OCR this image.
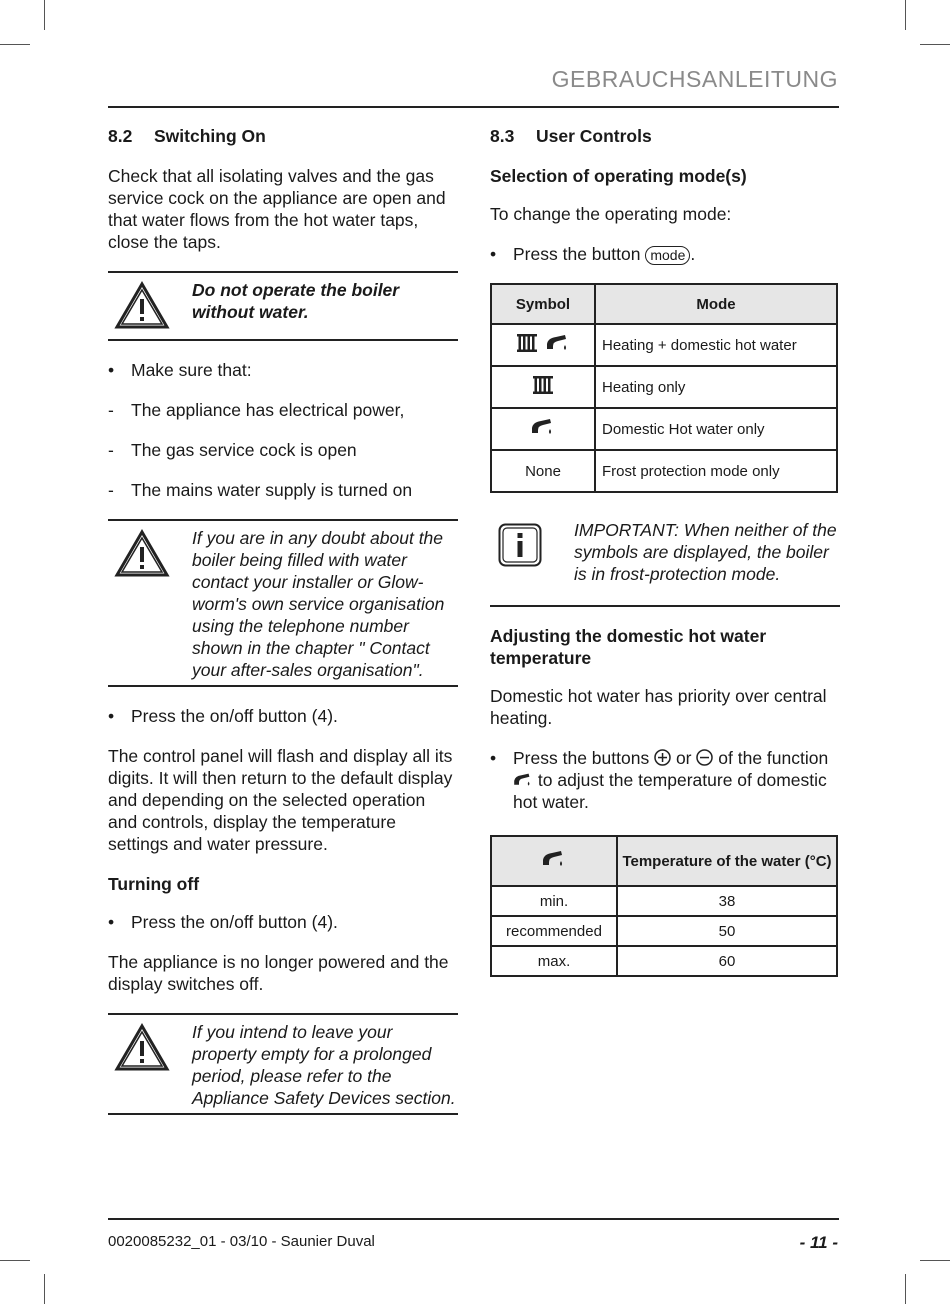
GEBRAUCHSANLEITUNG
8.2 Switching On

Check that all isolating valves and the gas service cock on the appliance are open and that water flows from the hot water taps, close the taps.

Do not operate the boiler without water.
• Make sure that:
- The appliance has electrical power,
- The gas service cock is open
- The mains water supply is turned on
If you are in any doubt about the boiler being filled with water contact your installer or Glow-worm's own service organisation using the telephone number shown in the chapter " Contact your after-sales organisation".
• Press the on/off button (4).

The control panel will flash and display all its digits. It will then return to the default display and depending on the selected operation and controls, display the temperature settings and water pressure.

Turning off
• Press the on/off button (4).

The appliance is no longer powered and the display switches off.

If you intend to leave your property empty for a prolonged period, please refer to the Appliance Safety Devices section.
8.3 User Controls
Selection of operating mode(s)

To change the operating mode:

• Press the button mode .
Symbol	Mode
	Heating + domestic hot water
	Heating only
	Domestic Hot water only
None	Frost protection mode only
IMPORTANT: When neither of the symbols are displayed, the boiler is in frost-protection mode.
Adjusting the domestic hot water temperature

Domestic hot water has priority over central heating.

• Press the buttons or of the function  to adjust the temperature of domestic hot water.
	Temperature of the water (°C)
min.	38
recommended	50
max.	60
0020085232_01 - 03/10 - Saunier Duval	- 11 -
